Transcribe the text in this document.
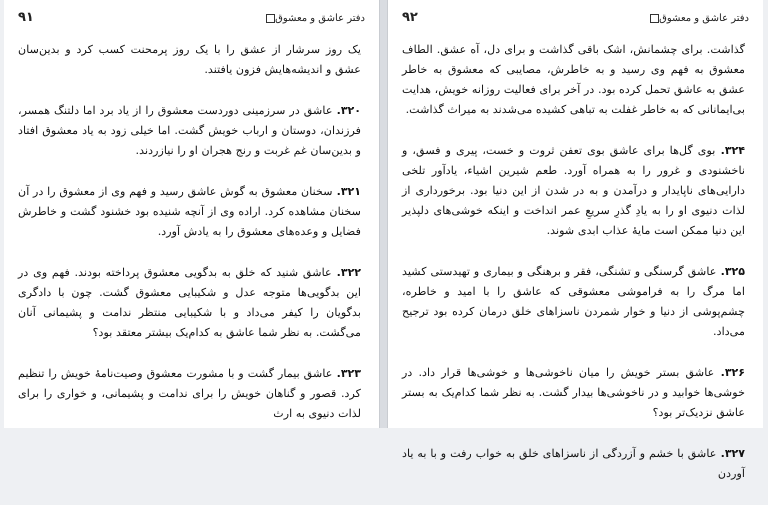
دفتر عاشق و معشوق
۹۱

یک روز سرشار از عشق را با یک روز پرمحنت کسب کرد و بدین‌سان عشق و اندیشه‌هایش فزون یافتند.

۳۲۰. عاشق در سرزمینی دوردست معشوق را از یاد برد اما دلتنگ همسر، فرزندان، دوستان و ارباب خویش گشت. اما خیلی زود به یاد معشوق افتاد و بدین‌سان غم غربت و رنج هجران او را نیازردند.

۳۲۱. سخنان معشوق به گوش عاشق رسید و فهم وی از معشوق را در آن سخنان مشاهده کرد. اراده وی از آنچه شنیده بود خشنود گشت و خاطرش فضایل و وعده‌های معشوق را به یادش آورد.

۳۲۲. عاشق شنید که خلق به بدگویی معشوق پرداخته بودند. فهم وی در این بدگویی‌ها متوجه عدل و شکیبایی معشوق گشت. چون با دادگری بدگویان را کیفر می‌داد و با شکیبایی منتظر ندامت و پشیمانی آنان می‌گشت. به نظر شما عاشق به کدام‌یک بیشتر معتقد بود؟

۳۲۳. عاشق بیمار گشت و با مشورت معشوق وصیت‌نامهٔ خویش را تنظیم کرد. قصور و گناهان خویش را برای ندامت و پشیمانی، و خواری را برای لذات دنیوی به ارث

دفتر عاشق و معشوق
۹۲

گذاشت. برای چشمانش، اشک باقی گذاشت و برای دل، آه عشق. الطاف معشوق به فهم وی رسید و به خاطرش، مصایبی که معشوق به خاطر عشق به عاشق تحمل کرده بود. در آخر برای فعالیت روزانه خویش، هدایت بی‌ایمانانی که به خاطر غفلت به تباهی کشیده می‌شدند به میراث گذاشت.

۳۲۴. بوی گل‌ها برای عاشق بوی تعفن ثروت و خست، پیری و فسق، و ناخشنودی و غرور را به همراه آورد. طعم شیرین اشیاء، یادآور تلخی دارایی‌های ناپایدار و درآمدن و به در شدن از این دنیا بود. برخورداری از لذات دنیوی او را به یادِ گذرِ سریعِ عمر انداخت و اینکه خوشی‌های دلپذیر این دنیا ممکن است مایهٔ عذاب ابدی شوند.

۳۲۵. عاشق گرسنگی و تشنگی، فقر و برهنگی و بیماری و تهیدستی کشید اما مرگ را به فراموشی معشوقی که عاشق را با امید و خاطره، چشم‌پوشی از دنیا و خوار شمردن ناسزاهای خلق درمان کرده بود ترجیح می‌داد.

۳۲۶. عاشق بستر خویش را میان ناخوشی‌ها و خوشی‌ها قرار داد. در خوشی‌ها خوابید و در ناخوشی‌ها بیدار گشت. به نظر شما کدام‌یک به بستر عاشق نزدیک‌تر بود؟

۳۲۷. عاشق با خشم و آزردگی از ناسزاهای خلق به خواب رفت و با به یاد آوردن
